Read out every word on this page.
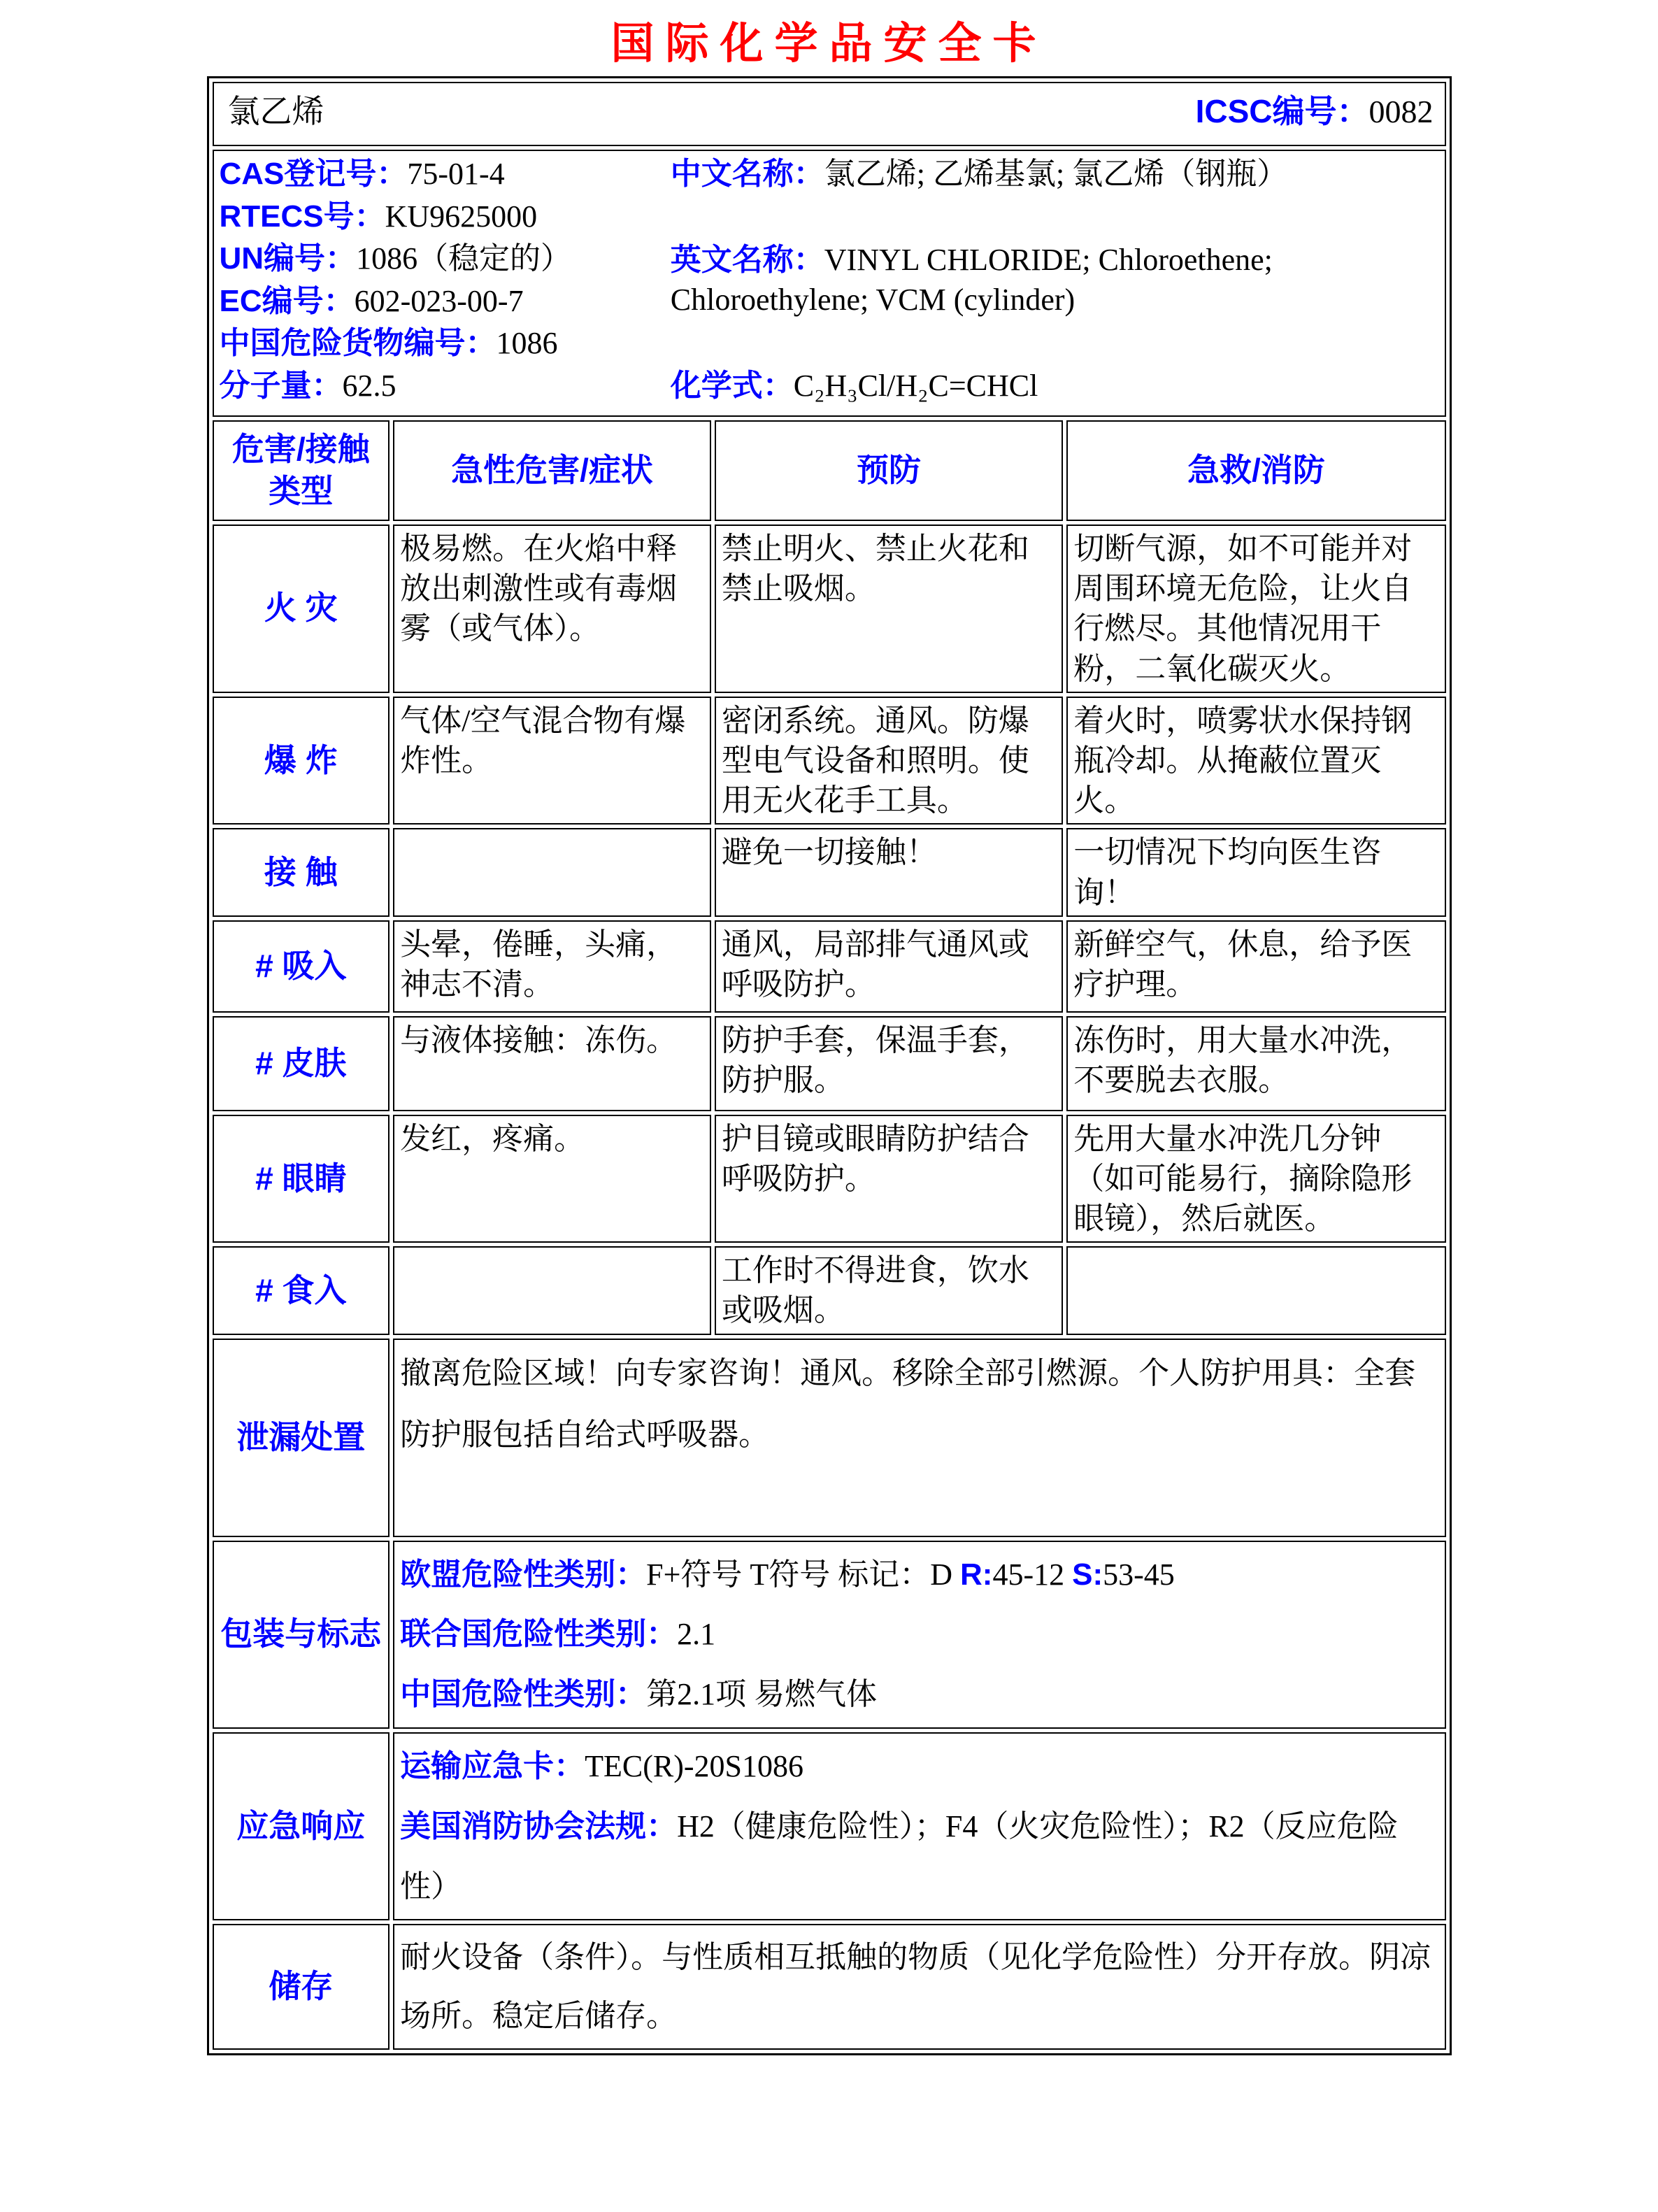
国际化学品安全卡
氯乙烯 ICSC编号：0082			

CAS登记号：75-01-4
RTECS号：KU9625000
UN编号：1086（稳定的）
EC编号：602-023-00-7
中国危险货物编号：1086
分子量：62.5
中文名称：氯乙烯; 乙烯基氯; 氯乙烯（钢瓶）
英文名称：VINYL CHLORIDE; Chloroethene; Chloroethylene; VCM (cylinder)
化学式：C₂H₃Cl/H₂C=CHCl

危害/接触类型	急性危害/症状	预防	急救/消防
火 灾	极易燃。在火焰中释放出刺激性或有毒烟雾（或气体）。	禁止明火、禁止火花和禁止吸烟。	切断气源，如不可能并对周围环境无危险，让火自行燃尽。其他情况用干粉，二氧化碳灭火。
爆 炸	气体/空气混合物有爆炸性。	密闭系统。通风。防爆型电气设备和照明。使用无火花手工具。	着火时，喷雾状水保持钢瓶冷却。从掩蔽位置灭火。
接 触		避免一切接触！	一切情况下均向医生咨询！
# 吸入	头晕，倦睡，头痛，神志不清。	通风，局部排气通风或呼吸防护。	新鲜空气，休息，给予医疗护理。
# 皮肤	与液体接触：冻伤。	防护手套，保温手套，防护服。	冻伤时，用大量水冲洗，不要脱去衣服。
# 眼睛	发红，疼痛。	护目镜或眼睛防护结合呼吸防护。	先用大量水冲洗几分钟（如可能易行，摘除隐形眼镜），然后就医。
# 食入		工作时不得进食，饮水或吸烟。	
泄漏处置	撤离危险区域！向专家咨询！通风。移除全部引燃源。个人防护用具：全套防护服包括自给式呼吸器。		
包装与标志	欧盟危险性类别：F+符号 T符号 标记：D R:45-12 S:53-45
联合国危险性类别：2.1
中国危险性类别：第2.1项 易燃气体		

应急响应	运输应急卡：TEC(R)-20S1086
美国消防协会法规：H2（健康危险性）；F4（火灾危险性）；R2（反应危险性）		

储存	耐火设备（条件）。与性质相互抵触的物质（见化学危险性）分开存放。阴凉场所。稳定后储存。		
